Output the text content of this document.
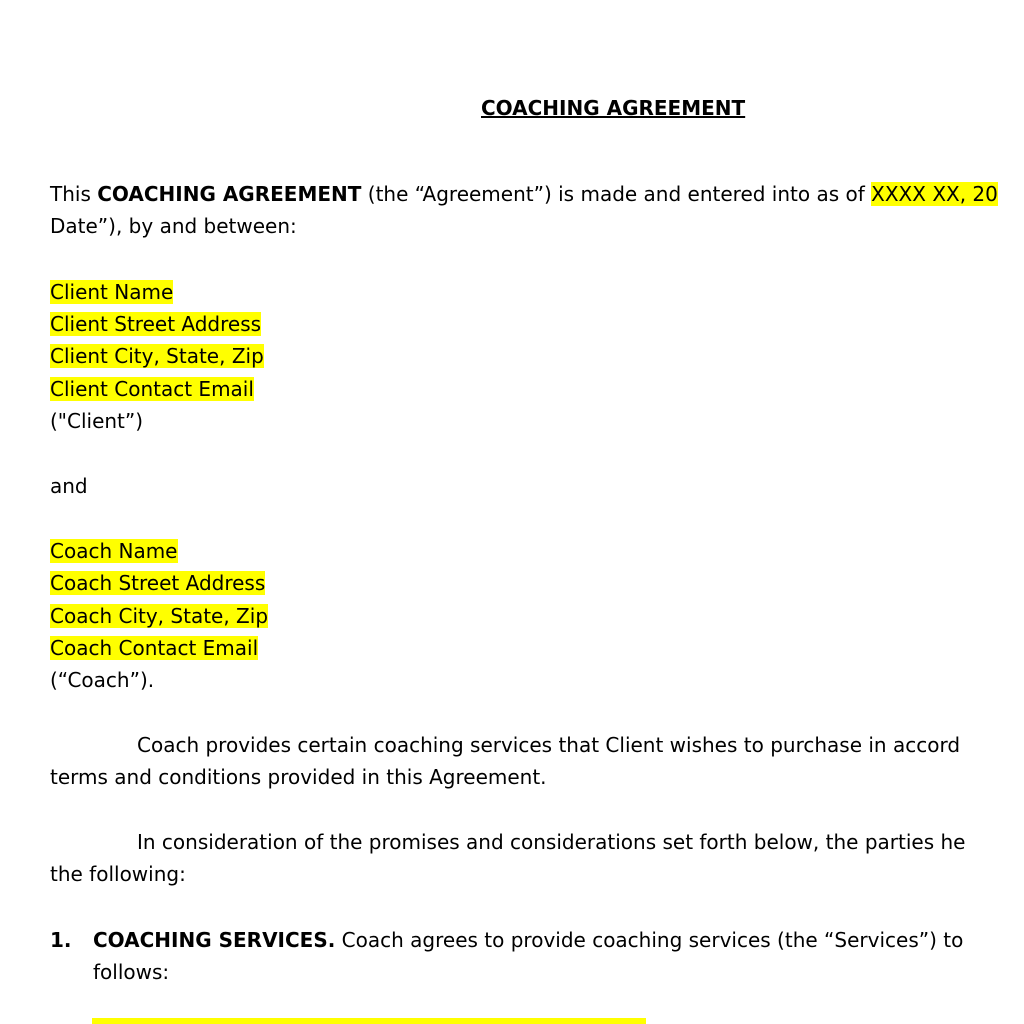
COACHING AGREEMENT
This COACHING AGREEMENT (the “Agreement”) is made and entered into as of XXXX XX, 20
Date”), by and between:
Client Name
Client Street Address
Client City, State, Zip
Client Contact Email
("Client”)
and
Coach Name
Coach Street Address
Coach City, State, Zip
Coach Contact Email
(“Coach”).
Coach provides certain coaching services that Client wishes to purchase in accord
terms and conditions provided in this Agreement.
In consideration of the promises and considerations set forth below, the parties he
the following:
1. COACHING SERVICES. Coach agrees to provide coaching services (the “Services”) to
follows:
